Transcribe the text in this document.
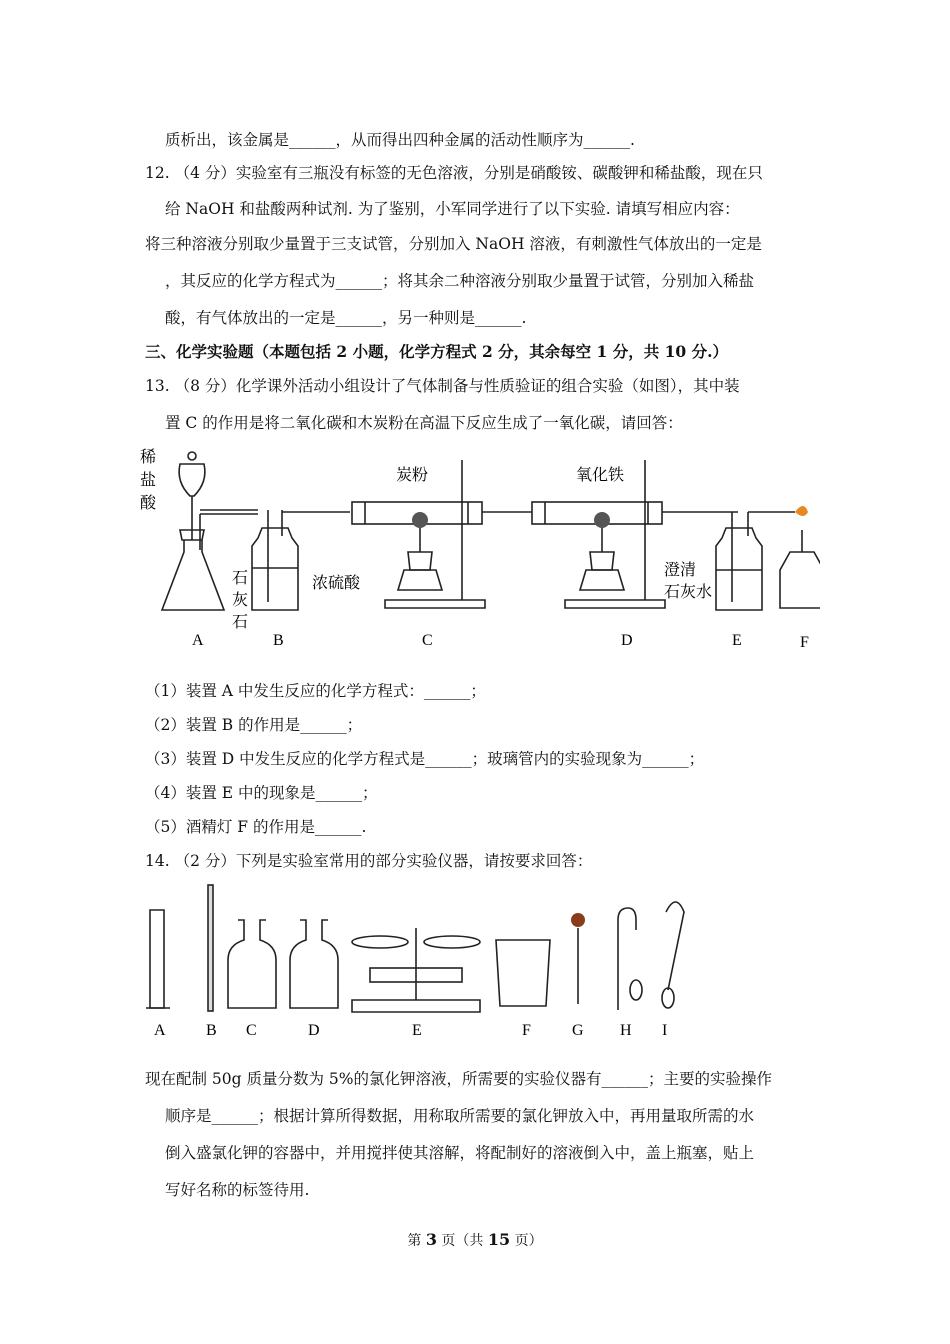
质析出，该金属是______，从而得出四种金属的活动性顺序为______.
12. （4 分）实验室有三瓶没有标签的无色溶液，分别是硝酸铵、碳酸钾和稀盐酸，现在只
给 NaOH 和盐酸两种试剂. 为了鉴别，小军同学进行了以下实验. 请填写相应内容：
将三种溶液分别取少量置于三支试管，分别加入 NaOH 溶液，有刺激性气体放出的一定是
，其反应的化学方程式为______；将其余二种溶液分别取少量置于试管，分别加入稀盐
酸，有气体放出的一定是______，另一种则是______.
三、化学实验题（本题包括 2 小题，化学方程式 2 分，其余每空 1 分，共 10 分.）
13. （8 分）化学课外活动小组设计了气体制备与性质验证的组合实验（如图），其中装
置 C 的作用是将二氧化碳和木炭粉在高温下反应生成了一氧化碳，请回答：
稀
盐
酸
石
灰
石
浓硫酸
炭粉	氧化铁
澄清
石灰水
A	B	C	D	E	F
（1）装置 A 中发生反应的化学方程式：______；
（2）装置 B 的作用是______；
（3）装置 D 中发生反应的化学方程式是______；玻璃管内的实验现象为______；
（4）装置 E 中的现象是______；
（5）酒精灯 F 的作用是______.
14. （2 分）下列是实验室常用的部分实验仪器，请按要求回答：
A	B C	D	E	F	G H I
现在配制 50g 质量分数为 5%的氯化钾溶液，所需要的实验仪器有______；主要的实验操作
顺序是______；根据计算所得数据，用称取所需要的氯化钾放入中，再用量取所需的水
倒入盛氯化钾的容器中，并用搅拌使其溶解，将配制好的溶液倒入中，盖上瓶塞，贴上
写好名称的标签待用.
第 3 页（共 15 页）
